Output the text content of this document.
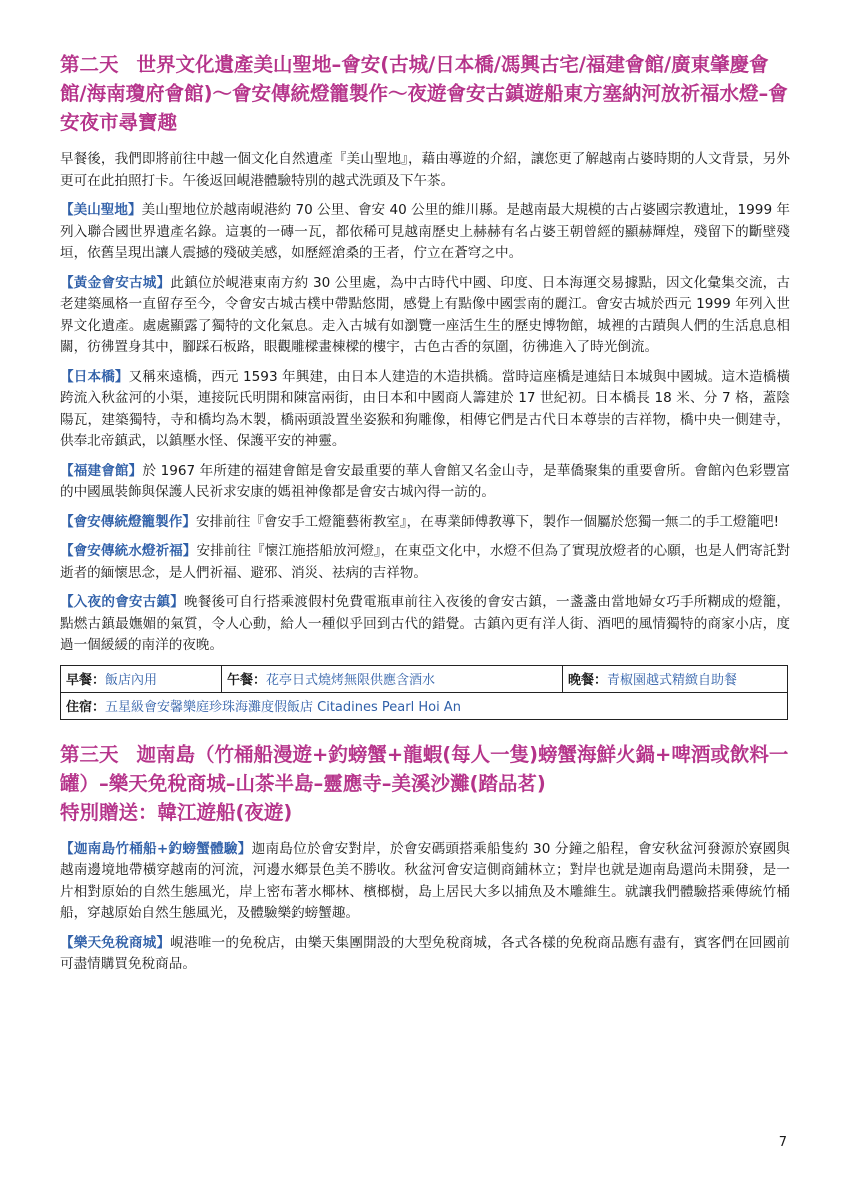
第二天 世界文化遺產美山聖地–會安(古城/日本橋/馮興古宅/福建會館/廣東肇慶會館/海南瓊府會館)～會安傳統燈籠製作～夜遊會安古鎮遊船東方塞納河放祈福水燈–會安夜市尋寶趣

早餐後，我們即將前往中越一個文化自然遺產『美山聖地』，藉由導遊的介紹，讓您更了解越南占婆時期的人文背景，另外更可在此拍照打卡。午後返回峴港體驗特別的越式洗頭及下午茶。

【美山聖地】美山聖地位於越南峴港約 70 公里、會安 40 公里的維川縣。是越南最大規模的古占婆國宗教遺址，1999 年列入聯合國世界遺產名錄。這裏的一磚一瓦，都依稀可見越南歷史上赫赫有名占婆王朝曾經的顯赫輝煌，殘留下的斷壁殘垣，依舊呈現出讓人震撼的殘破美感，如歷經滄桑的王者，佇立在蒼穹之中。

【黃金會安古城】此鎮位於峴港東南方約 30 公里處，為中古時代中國、印度、日本海運交易據點，因文化彙集交流，古老建築風格一直留存至今，令會安古城古樸中帶點悠閒，感覺上有點像中國雲南的麗江。會安古城於西元 1999 年列入世界文化遺產。處處顯露了獨特的文化氣息。走入古城有如瀏覽一座活生生的歷史博物館，城裡的古蹟與人們的生活息息相關，彷彿置身其中，腳踩石板路，眼觀雕樑畫棟樑的樓宇，古色古香的氛圍，彷彿進入了時光倒流。

【日本橋】又稱來遠橋，西元 1593 年興建，由日本人建造的木造拱橋。當時這座橋是連結日本城與中國城。這木造橋橫跨流入秋盆河的小渠，連接阮氏明開和陳富兩街，由日本和中國商人籌建於 17 世紀初。日本橋長 18 米、分 7 格，蓋陰陽瓦，建築獨特，寺和橋均為木製，橋兩頭設置坐姿猴和狗雕像，相傳它們是古代日本尊崇的吉祥物，橋中央一側建寺，供奉北帝鎮武，以鎮壓水怪、保護平安的神靈。

【福建會館】於 1967 年所建的福建會館是會安最重要的華人會館又名金山寺，是華僑聚集的重要會所。會館內色彩豐富的中國風裝飾與保護人民祈求安康的媽祖神像都是會安古城內得一訪的。

【會安傳統燈籠製作】安排前往『會安手工燈籠藝術教室』，在專業師傅教導下，製作一個屬於您獨一無二的手工燈籠吧!

【會安傳統水燈祈福】安排前往『懷江施搭船放河燈』，在東亞文化中，水燈不但為了實現放燈者的心願，也是人們寄託對逝者的緬懷思念，是人們祈福、避邪、消災、祛病的吉祥物。

【入夜的會安古鎮】晚餐後可自行搭乘渡假村免費電瓶車前往入夜後的會安古鎮，一盞盞由當地婦女巧手所糊成的燈籠，點燃古鎮最嫵媚的氣質，令人心動，給人一種似乎回到古代的錯覺。古鎮內更有洋人街、酒吧的風情獨特的商家小店，度過一個緩緩的南洋的夜晚。

早餐：飯店內用	午餐：花亭日式燒烤無限供應含酒水	晚餐：青椒園越式精緻自助餐
住宿：五星級會安馨樂庭珍珠海灘度假飯店 Citadines Pearl Hoi An
第三天 迦南島（竹桶船漫遊+釣螃蟹+龍蝦(每人一隻)螃蟹海鮮火鍋+啤酒或飲料一罐）–樂天免稅商城–山茶半島–靈應寺–美溪沙灘(踏品茗)
特別贈送：韓江遊船(夜遊)

【迦南島竹桶船+釣螃蟹體驗】迦南島位於會安對岸，於會安碼頭搭乘船隻約 30 分鐘之船程，會安秋盆河發源於寮國與越南邊境地帶橫穿越南的河流，河邊水鄉景色美不勝收。秋盆河會安這側商鋪林立；對岸也就是迦南島還尚未開發，是一片相對原始的自然生態風光，岸上密布著水椰林、檳榔樹，島上居民大多以捕魚及木雕維生。就讓我們體驗搭乘傳統竹桶船，穿越原始自然生態風光，及體驗樂釣螃蟹趣。

【樂天免稅商城】峴港唯一的免稅店，由樂天集團開設的大型免稅商城，各式各樣的免稅商品應有盡有，賓客們在回國前可盡情購買免稅商品。

7
